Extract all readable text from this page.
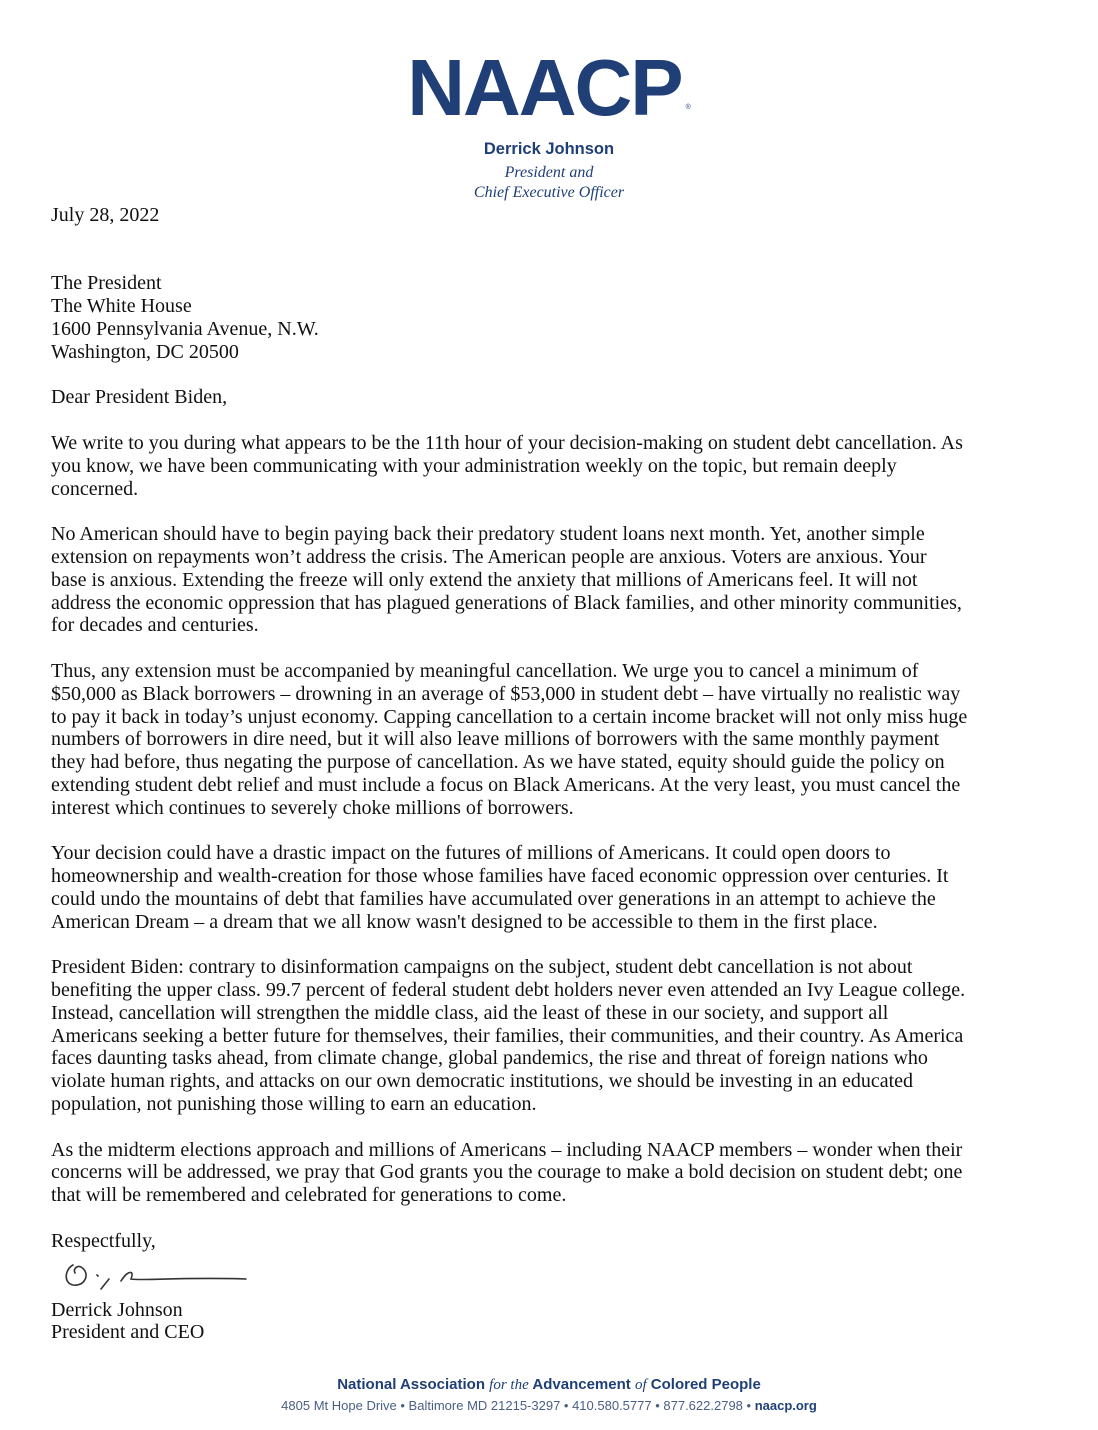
NAACP ®
Derrick Johnson
President and
Chief Executive Officer
July 28, 2022
The President
The White House
1600 Pennsylvania Avenue, N.W.
Washington, DC 20500
Dear President Biden,
We write to you during what appears to be the 11th hour of your decision-making on student debt cancellation. As
you know, we have been communicating with your administration weekly on the topic, but remain deeply
concerned.
No American should have to begin paying back their predatory student loans next month. Yet, another simple
extension on repayments won’t address the crisis. The American people are anxious. Voters are anxious. Your
base is anxious. Extending the freeze will only extend the anxiety that millions of Americans feel. It will not
address the economic oppression that has plagued generations of Black families, and other minority communities,
for decades and centuries.
Thus, any extension must be accompanied by meaningful cancellation. We urge you to cancel a minimum of
$50,000 as Black borrowers – drowning in an average of $53,000 in student debt – have virtually no realistic way
to pay it back in today’s unjust economy. Capping cancellation to a certain income bracket will not only miss huge
numbers of borrowers in dire need, but it will also leave millions of borrowers with the same monthly payment
they had before, thus negating the purpose of cancellation. As we have stated, equity should guide the policy on
extending student debt relief and must include a focus on Black Americans. At the very least, you must cancel the
interest which continues to severely choke millions of borrowers.
Your decision could have a drastic impact on the futures of millions of Americans. It could open doors to
homeownership and wealth-creation for those whose families have faced economic oppression over centuries. It
could undo the mountains of debt that families have accumulated over generations in an attempt to achieve the
American Dream – a dream that we all know wasn't designed to be accessible to them in the first place.
President Biden: contrary to disinformation campaigns on the subject, student debt cancellation is not about
benefiting the upper class. 99.7 percent of federal student debt holders never even attended an Ivy League college.
Instead, cancellation will strengthen the middle class, aid the least of these in our society, and support all
Americans seeking a better future for themselves, their families, their communities, and their country. As America
faces daunting tasks ahead, from climate change, global pandemics, the rise and threat of foreign nations who
violate human rights, and attacks on our own democratic institutions, we should be investing in an educated
population, not punishing those willing to earn an education.
As the midterm elections approach and millions of Americans – including NAACP members – wonder when their
concerns will be addressed, we pray that God grants you the courage to make a bold decision on student debt; one
that will be remembered and celebrated for generations to come.
Respectfully,
Derrick Johnson
President and CEO
National Association for the Advancement of Colored People
4805 Mt Hope Drive • Baltimore MD 21215-3297 • 410.580.5777 • 877.622.2798 • naacp.org
